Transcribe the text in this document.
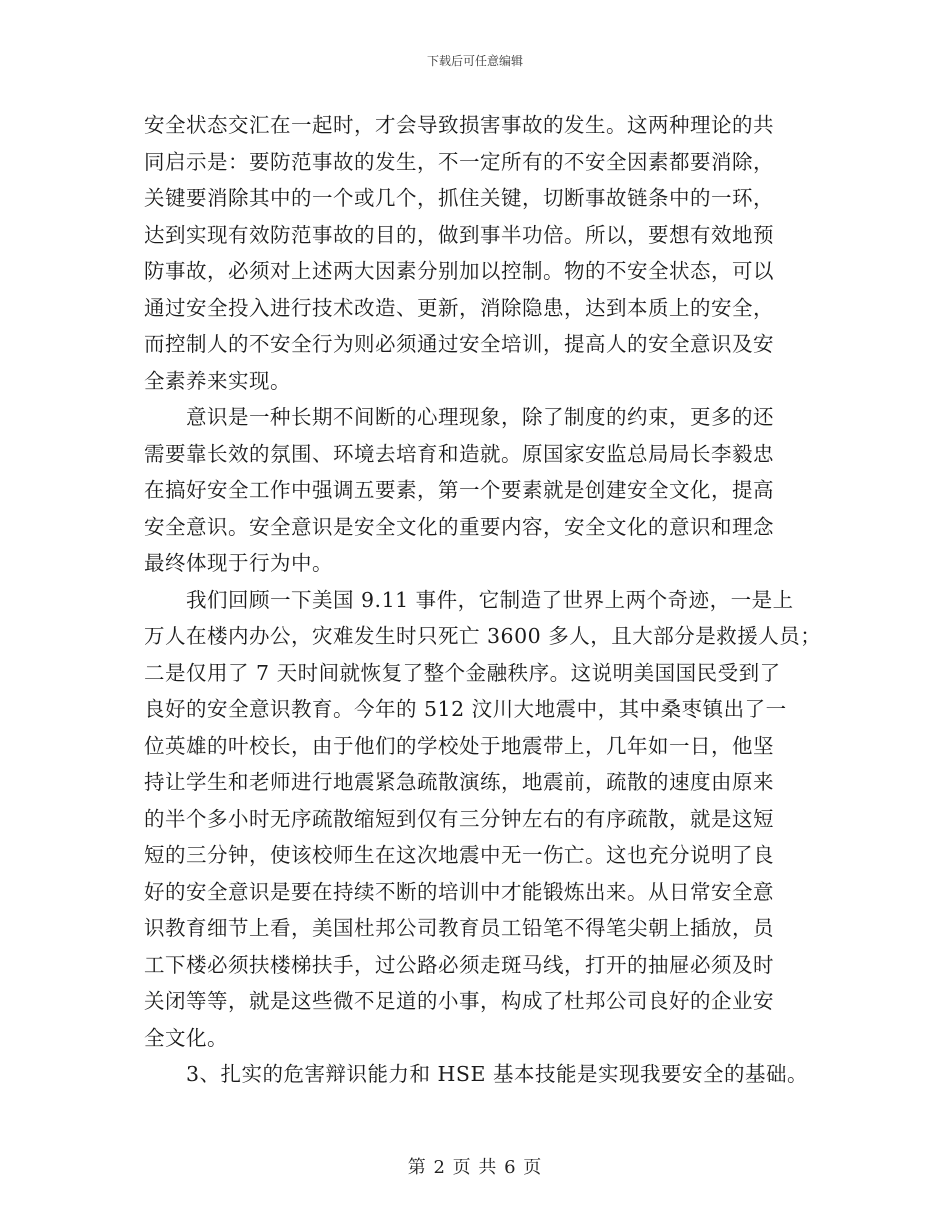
下载后可任意编辑
安全状态交汇在一起时，才会导致损害事故的发生。这两种理论的共
同启示是：要防范事故的发生，不一定所有的不安全因素都要消除，
关键要消除其中的一个或几个，抓住关键，切断事故链条中的一环，
达到实现有效防范事故的目的，做到事半功倍。所以，要想有效地预
防事故，必须对上述两大因素分别加以控制。物的不安全状态，可以
通过安全投入进行技术改造、更新，消除隐患，达到本质上的安全，
而控制人的不安全行为则必须通过安全培训，提高人的安全意识及安
全素养来实现。
意识是一种长期不间断的心理现象，除了制度的约束，更多的还
需要靠长效的氛围、环境去培育和造就。原国家安监总局局长李毅忠
在搞好安全工作中强调五要素，第一个要素就是创建安全文化，提高
安全意识。安全意识是安全文化的重要内容，安全文化的意识和理念
最终体现于行为中。
我们回顾一下美国 9.11 事件，它制造了世界上两个奇迹，一是上
万人在楼内办公，灾难发生时只死亡 3600 多人，且大部分是救援人员；
二是仅用了 7 天时间就恢复了整个金融秩序。这说明美国国民受到了
良好的安全意识教育。今年的 512 汶川大地震中，其中桑枣镇出了一
位英雄的叶校长，由于他们的学校处于地震带上，几年如一日，他坚
持让学生和老师进行地震紧急疏散演练，地震前，疏散的速度由原来
的半个多小时无序疏散缩短到仅有三分钟左右的有序疏散，就是这短
短的三分钟，使该校师生在这次地震中无一伤亡。这也充分说明了良
好的安全意识是要在持续不断的培训中才能锻炼出来。从日常安全意
识教育细节上看，美国杜邦公司教育员工铅笔不得笔尖朝上插放，员
工下楼必须扶楼梯扶手，过公路必须走斑马线，打开的抽屉必须及时
关闭等等，就是这些微不足道的小事，构成了杜邦公司良好的企业安
全文化。
3、扎实的危害辩识能力和 HSE 基本技能是实现我要安全的基础。
第 2 页 共 6 页
